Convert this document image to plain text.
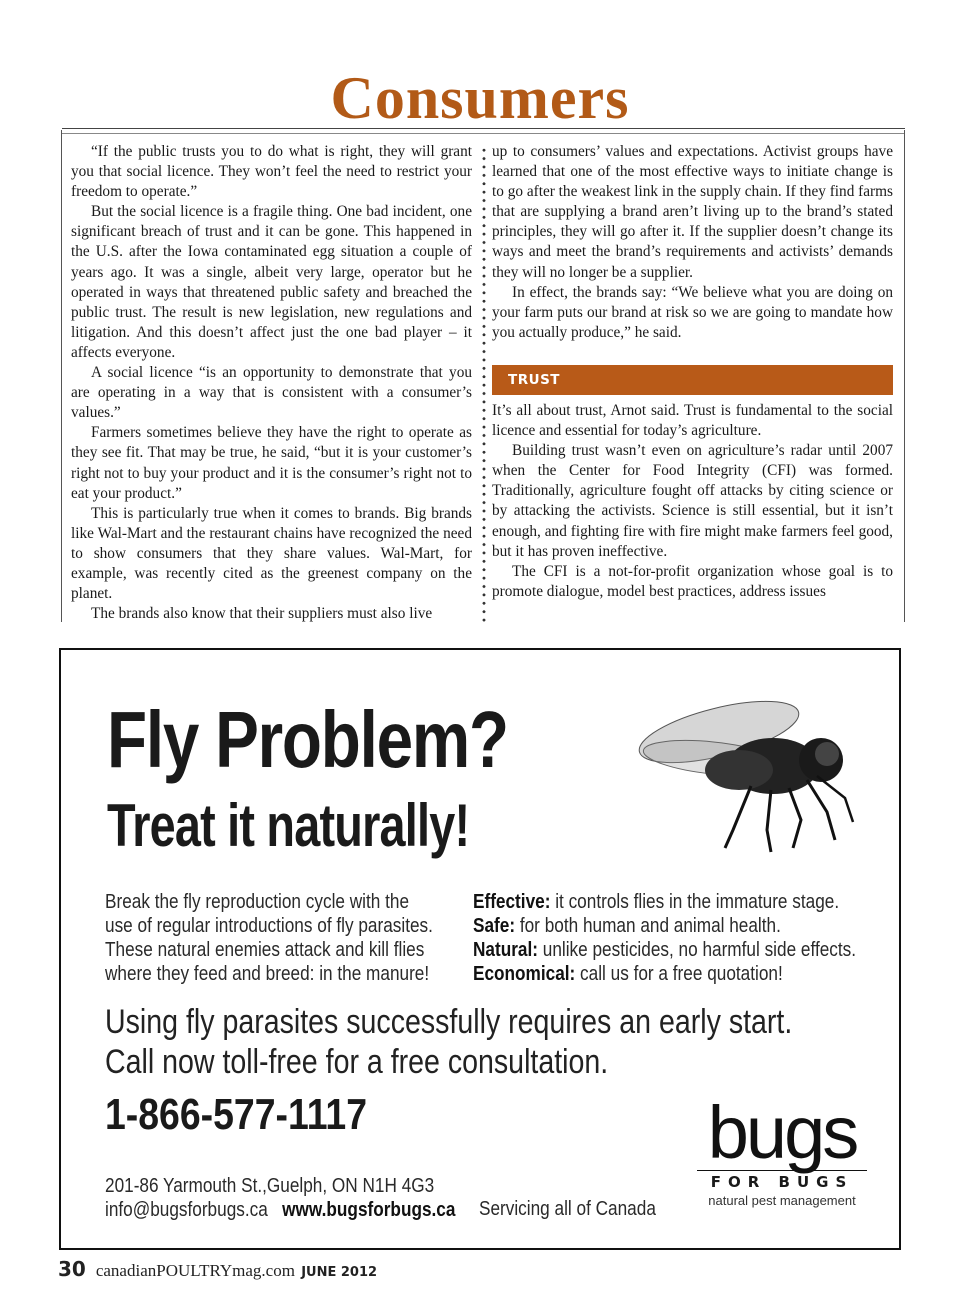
Consumers

“If the public trusts you to do what is right, they will grant you that social licence. They won’t feel the need to restrict your freedom to operate.”

But the social licence is a fragile thing. One bad incident, one significant breach of trust and it can be gone. This happened in the U.S. after the Iowa contaminated egg situation a couple of years ago. It was a single, albeit very large, operator but he operated in ways that threatened public safety and breached the public trust. The result is new legislation, new regulations and litigation. And this doesn’t affect just the one bad player – it affects everyone.

A social licence “is an opportunity to demonstrate that you are operating in a way that is consistent with a consumer’s values.”

Farmers sometimes believe they have the right to operate as they see fit. That may be true, he said, “but it is your customer’s right not to buy your product and it is the consumer’s right not to eat your product.”

This is particularly true when it comes to brands. Big brands like Wal-Mart and the restaurant chains have recognized the need to show consumers that they share values. Wal-Mart, for example, was recently cited as the greenest company on the planet.

The brands also know that their suppliers must also live

up to consumers’ values and expectations. Activist groups have learned that one of the most effective ways to initiate change is to go after the weakest link in the supply chain. If they find farms that are supplying a brand aren’t living up to the brand’s stated principles, they will go after it. If the supplier doesn’t change its ways and meet the brand’s requirements and activists’ demands they will no longer be a supplier.

In effect, the brands say: “We believe what you are doing on your farm puts our brand at risk so we are going to mandate how you actually produce,” he said.

TRUST

It’s all about trust, Arnot said. Trust is fundamental to the social licence and essential for today’s agriculture.

Building trust wasn’t even on agriculture’s radar until 2007 when the Center for Food Integrity (CFI) was formed. Traditionally, agriculture fought off attacks by citing science or by attacking the activists. Science is still essential, but it isn’t enough, and fighting fire with fire might make farmers feel good, but it has proven ineffective.

The CFI is a not-for-profit organization whose goal is to promote dialogue, model best practices, address issues

Fly Problem?
Treat it naturally!
Break the fly reproduction cycle with the
use of regular introductions of fly parasites.
These natural enemies attack and kill flies
where they feed and breed: in the manure!
Effective: it controls flies in the immature stage.
Safe: for both human and animal health.
Natural: unlike pesticides, no harmful side effects.
Economical: call us for a free quotation!
Using fly parasites successfully requires an early start.
Call now toll-free for a free consultation.
1-866-577-1117
201-86 Yarmouth St.,Guelph, ON N1H 4G3
info@bugsforbugs.ca www.bugsforbugs.ca Servicing all of Canada
bugs
FOR BUGS
natural pest management
30 canadianPOULTRYmag.com JUNE 2012
